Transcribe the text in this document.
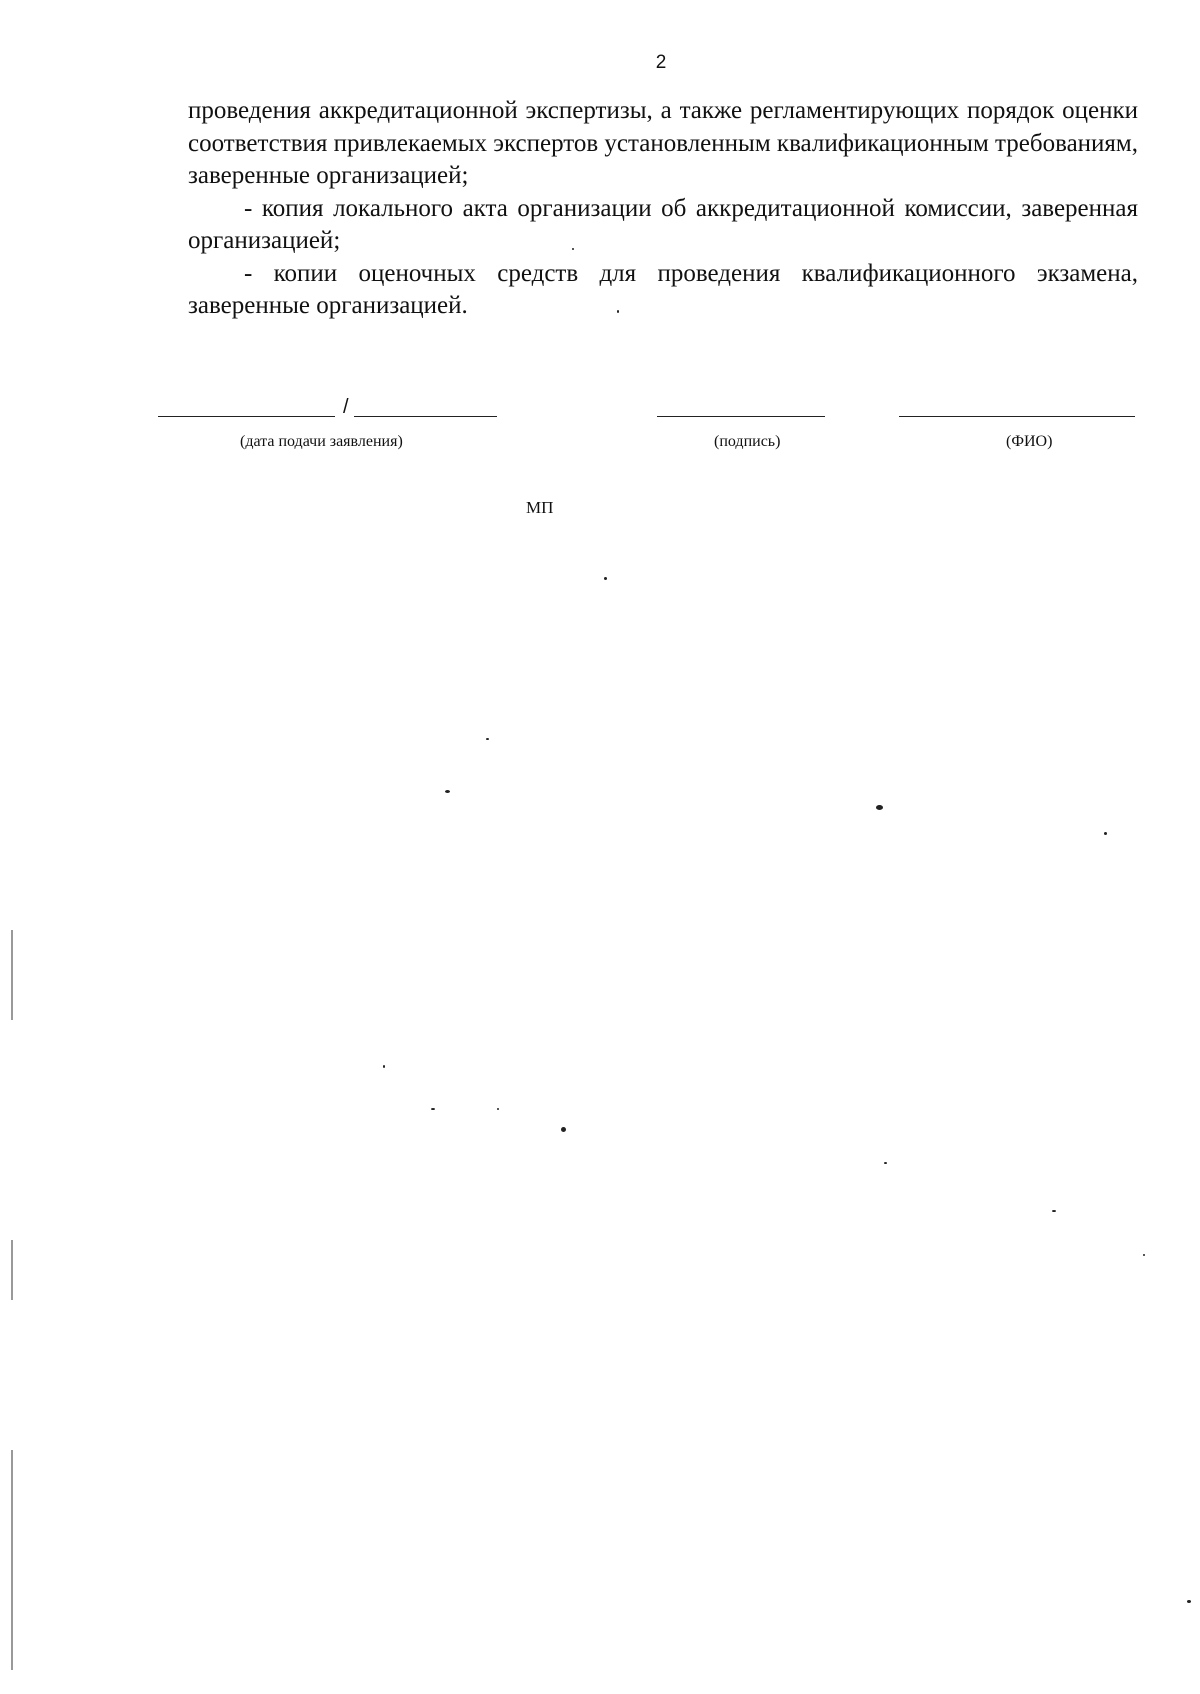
2

проведения аккредитационной экспертизы, а также регламентирующих порядок оценки соответствия привлекаемых экспертов установленным квалификационным требованиям, заверенные организацией;

- копия локального акта организации об аккредитационной комиссии, заверенная организацией;

- копии оценочных средств для проведения квалификационного экзамена, заверенные организацией.

/
(дата подачи заявления)	(подпись)	(ФИО)
МП
